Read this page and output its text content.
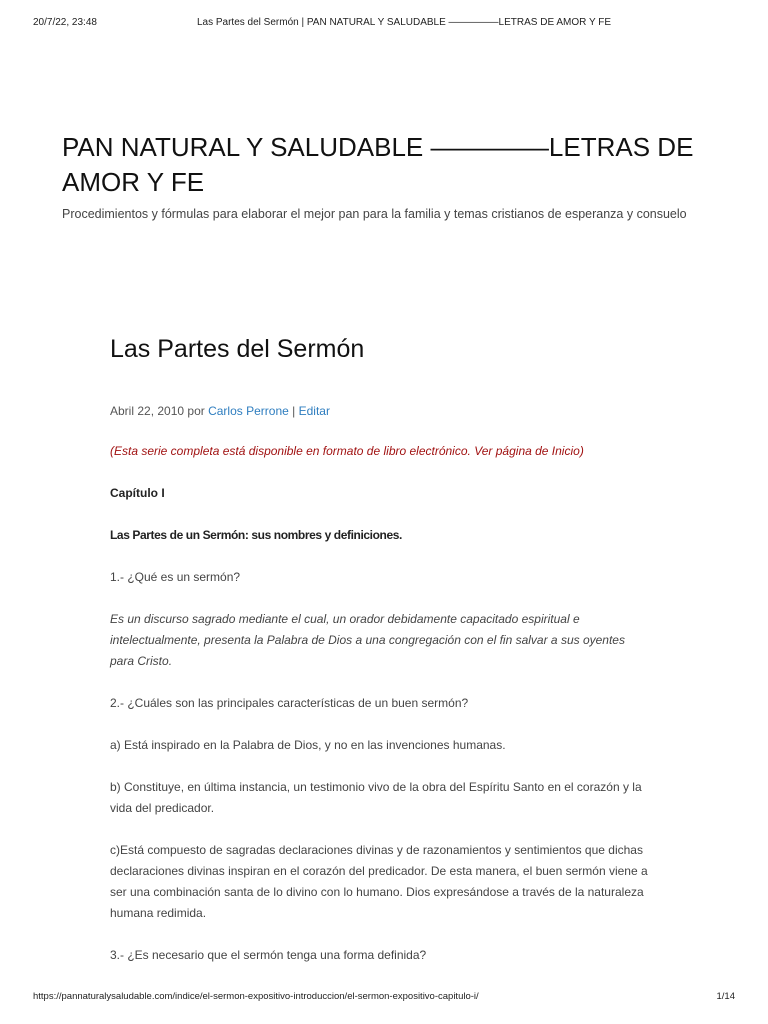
20/7/22, 23:48	Las Partes del Sermón | PAN NATURAL Y SALUDABLE —————LETRAS DE AMOR Y FE
PAN NATURAL Y SALUDABLE ————–LETRAS DE
AMOR Y FE

Procedimientos y fórmulas para elaborar el mejor pan para la familia y temas cristianos de esperanza y consuelo

Las Partes del Sermón
Abril 22, 2010 por Carlos Perrone | Editar

(Esta serie completa está disponible en formato de libro electrónico. Ver página de Inicio)

Capítulo I

Las Partes de un Sermón: sus nombres y definiciones.

1.- ¿Qué es un sermón?

Es un discurso sagrado mediante el cual, un orador debidamente capacitado espiritual e
intelectualmente, presenta la Palabra de Dios a una congregación con el fin salvar a sus oyentes
para Cristo.

2.- ¿Cuáles son las principales características de un buen sermón?

a) Está inspirado en la Palabra de Dios, y no en las invenciones humanas.

b) Constituye, en última instancia, un testimonio vivo de la obra del Espíritu Santo en el corazón y la
vida del predicador.

c)Está compuesto de sagradas declaraciones divinas y de razonamientos y sentimientos que dichas
declaraciones divinas inspiran en el corazón del predicador. De esta manera, el buen sermón viene a
ser una combinación santa de lo divino con lo humano. Dios expresándose a través de la naturaleza
humana redimida.

3.- ¿Es necesario que el sermón tenga una forma definida?

https://pannaturalysaludable.com/indice/el-sermon-expositivo-introduccion/el-sermon-expositivo-capitulo-i/	1/14
